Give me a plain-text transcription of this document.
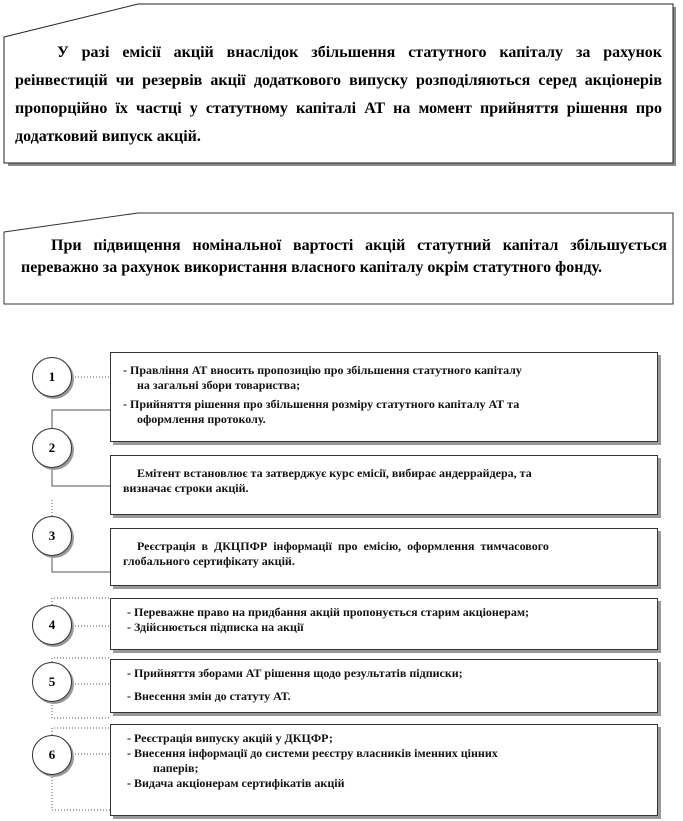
У разі емісії акцій внаслідок збільшення статутного капіталу за рахунок реінвестицій чи резервів акції додаткового випуску розподіляються серед акціонерів пропорційно їх частці у статутному капіталі АТ на момент прийняття рішення про додатковий випуск акцій.
При підвищення номінальної вартості акцій статутний капітал збільшується переважно за рахунок використання власного капіталу окрім статутного фонду.
1
2
3
4
5
6
- Правління АТ вносить пропозицію про збільшення статутного капіталу
на загальні збори товариства;
- Прийняття рішення про збільшення розміру статутного капіталу АТ та
оформлення протоколу.
Емітент встановлює та затверджує курс емісії, вибирає андеррайдера, та
визначає строки акцій.
Реєстрація в ДКЦПФР інформації про емісію, оформлення тимчасового
глобального сертифікату акцій.
- Переважне право на придбання акцій пропонується старим акціонерам;
- Здійснюється підписка на акції
- Прийняття зборами АТ рішення щодо результатів підписки;
- Внесення змін до статуту АТ.
- Реєстрація випуску акцій у ДКЦФР;
- Внесення інформації до системи реєстру власників іменних цінних
паперів;
- Видача акціонерам сертифікатів акцій
